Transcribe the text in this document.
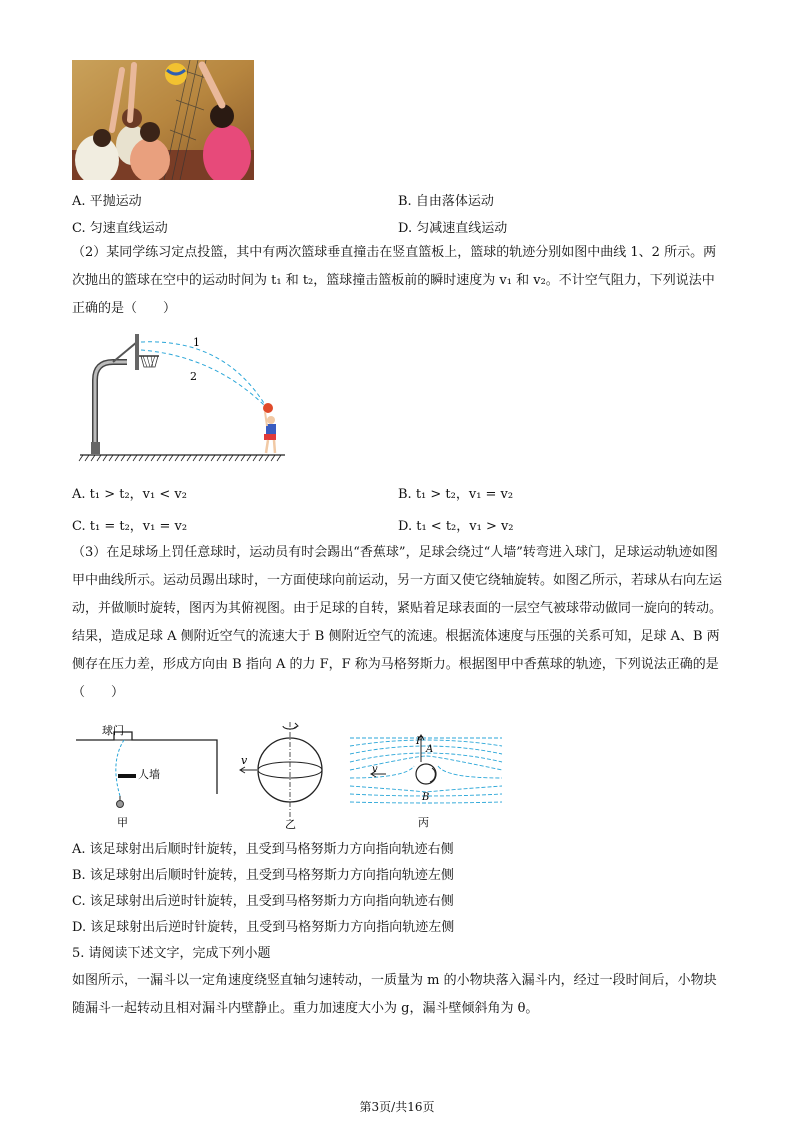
A. 平抛运动	B. 自由落体运动
C. 匀速直线运动	D. 匀减速直线运动
（2）某同学练习定点投篮，其中有两次篮球垂直撞击在竖直篮板上，篮球的轨迹分别如图中曲线 1、2 所示。两次抛出的篮球在空中的运动时间为 t₁ 和 t₂，篮球撞击篮板前的瞬时速度为 v₁ 和 v₂。不计空气阻力，下列说法中正确的是（　　）
1
2
A. t₁ > t₂，v₁ < v₂	B. t₁ > t₂，v₁ = v₂
C. t₁ = t₂，v₁ = v₂	D. t₁ < t₂，v₁ > v₂
（3）在足球场上罚任意球时，运动员有时会踢出“香蕉球”，足球会绕过“人墙”转弯进入球门，足球运动轨迹如图甲中曲线所示。运动员踢出球时，一方面使球向前运动，另一方面又使它绕轴旋转。如图乙所示，若球从右向左运动，并做顺时旋转，图丙为其俯视图。由于足球的自转，紧贴着足球表面的一层空气被球带动做同一旋向的转动。结果，造成足球 A 侧附近空气的流速大于 B 侧附近空气的流速。根据流体速度与压强的关系可知，足球 A、B 两侧存在压力差，形成方向由 B 指向 A 的力 F，F 称为马格努斯力。根据图甲中香蕉球的轨迹，下列说法正确的是（　　）
球门
人墙
甲
v
乙
F
A
B
v
丙
A. 该足球射出后顺时针旋转，且受到马格努斯力方向指向轨迹右侧
B. 该足球射出后顺时针旋转，且受到马格努斯力方向指向轨迹左侧
C. 该足球射出后逆时针旋转，且受到马格努斯力方向指向轨迹右侧
D. 该足球射出后逆时针旋转，且受到马格努斯力方向指向轨迹左侧
5. 请阅读下述文字，完成下列小题
如图所示，一漏斗以一定角速度绕竖直轴匀速转动，一质量为 m 的小物块落入漏斗内，经过一段时间后，小物块随漏斗一起转动且相对漏斗内壁静止。重力加速度大小为 g，漏斗壁倾斜角为 θ。
第3页/共16页
